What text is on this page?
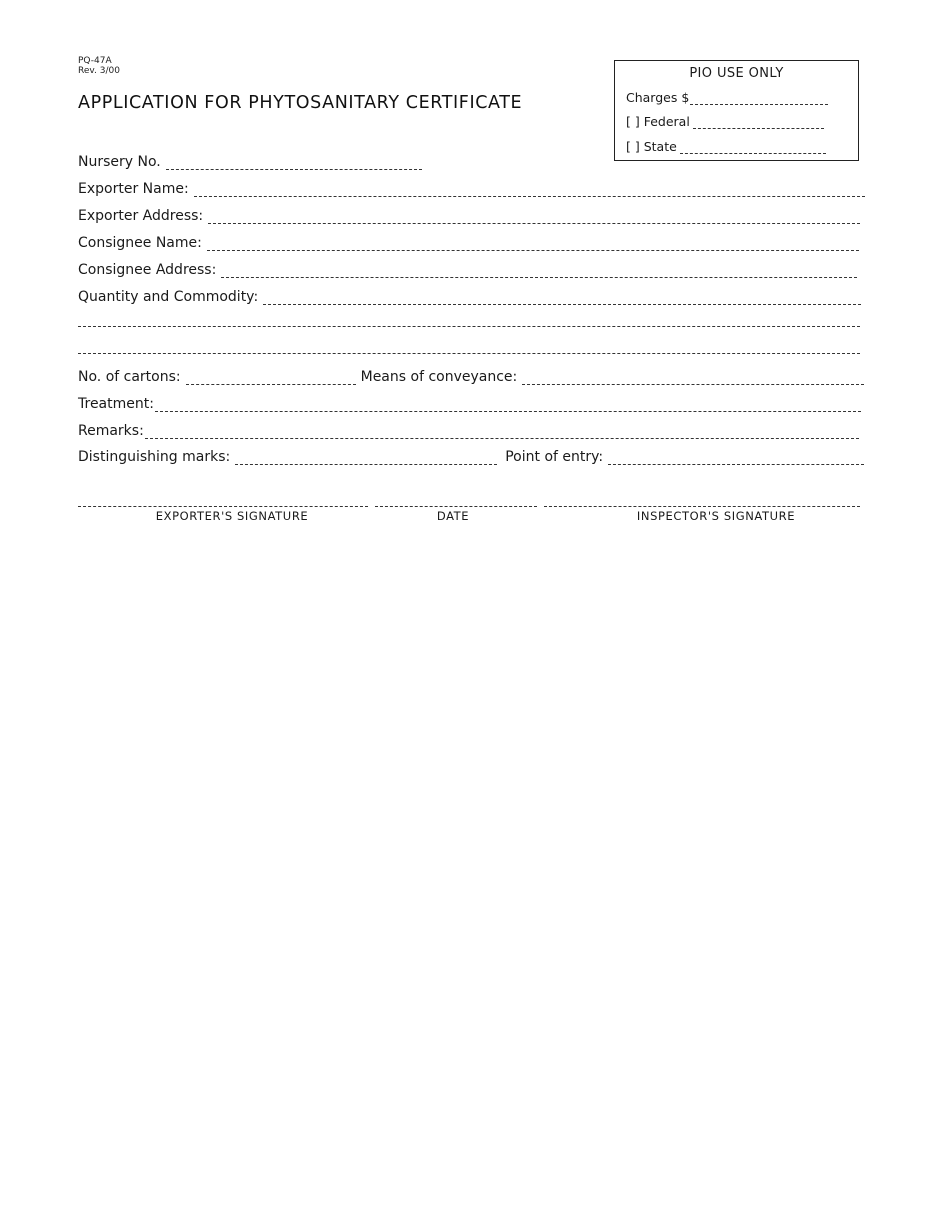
PQ-47A
Rev. 3/00
APPLICATION FOR PHYTOSANITARY CERTIFICATE
PIO USE ONLY
Charges $
[ ] Federal
[ ] State
Nursery No.
Exporter Name:
Exporter Address:
Consignee Name:
Consignee Address:
Quantity and Commodity:
No. of cartons:	Means of conveyance:
Treatment:
Remarks:
Distinguishing marks:	Point of entry:
EXPORTER'S SIGNATURE	DATE	INSPECTOR'S SIGNATURE
